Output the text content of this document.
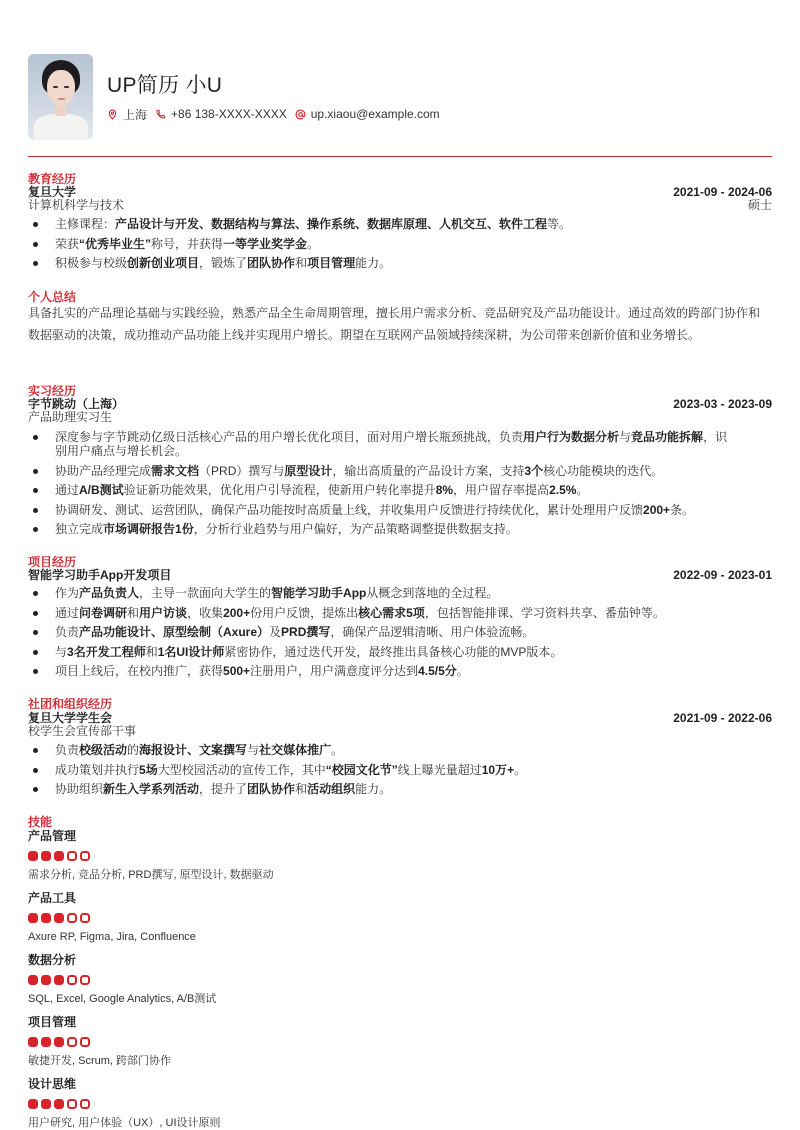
UP简历 小U
上海 +86 138-XXXX-XXXX up.xiaou@example.com
教育经历
复旦大学	2021-09 - 2024-06
计算机科学与技术	硕士
主修课程：产品设计与开发、数据结构与算法、操作系统、数据库原理、人机交互、软件工程等。
荣获“优秀毕业生”称号，并获得一等学业奖学金。
积极参与校级创新创业项目，锻炼了团队协作和项目管理能力。
个人总结
具备扎实的产品理论基础与实践经验，熟悉产品全生命周期管理，擅长用户需求分析、竞品研究及产品功能设计。通过高效的跨部门协作和数据驱动的决策，成功推动产品功能上线并实现用户增长。期望在互联网产品领域持续深耕，为公司带来创新价值和业务增长。
实习经历
字节跳动（上海）	2023-03 - 2023-09
产品助理实习生
深度参与字节跳动亿级日活核心产品的用户增长优化项目，面对用户增长瓶颈挑战，负责用户行为数据分析与竞品功能拆解，识别用户痛点与增长机会。
协助产品经理完成需求文档（PRD）撰写与原型设计，输出高质量的产品设计方案，支持3个核心功能模块的迭代。
通过A/B测试验证新功能效果，优化用户引导流程，使新用户转化率提升8%，用户留存率提高2.5%。
协调研发、测试、运营团队，确保产品功能按时高质量上线，并收集用户反馈进行持续优化，累计处理用户反馈200+条。
独立完成市场调研报告1份，分析行业趋势与用户偏好，为产品策略调整提供数据支持。
项目经历
智能学习助手App开发项目	2022-09 - 2023-01
作为产品负责人，主导一款面向大学生的智能学习助手App从概念到落地的全过程。
通过问卷调研和用户访谈，收集200+份用户反馈，提炼出核心需求5项，包括智能排课、学习资料共享、番茄钟等。
负责产品功能设计、原型绘制（Axure）及PRD撰写，确保产品逻辑清晰、用户体验流畅。
与3名开发工程师和1名UI设计师紧密协作，通过迭代开发，最终推出具备核心功能的MVP版本。
项目上线后，在校内推广，获得500+注册用户，用户满意度评分达到4.5/5分。
社团和组织经历
复旦大学学生会	2021-09 - 2022-06
校学生会宣传部干事
负责校级活动的海报设计、文案撰写与社交媒体推广。
成功策划并执行5场大型校园活动的宣传工作，其中“校园文化节”线上曝光量超过10万+。
协助组织新生入学系列活动，提升了团队协作和活动组织能力。
技能
产品管理
需求分析, 竞品分析, PRD撰写, 原型设计, 数据驱动
产品工具
Axure RP, Figma, Jira, Confluence
数据分析
SQL, Excel, Google Analytics, A/B测试
项目管理
敏捷开发, Scrum, 跨部门协作
设计思维
用户研究, 用户体验（UX）, UI设计原则
